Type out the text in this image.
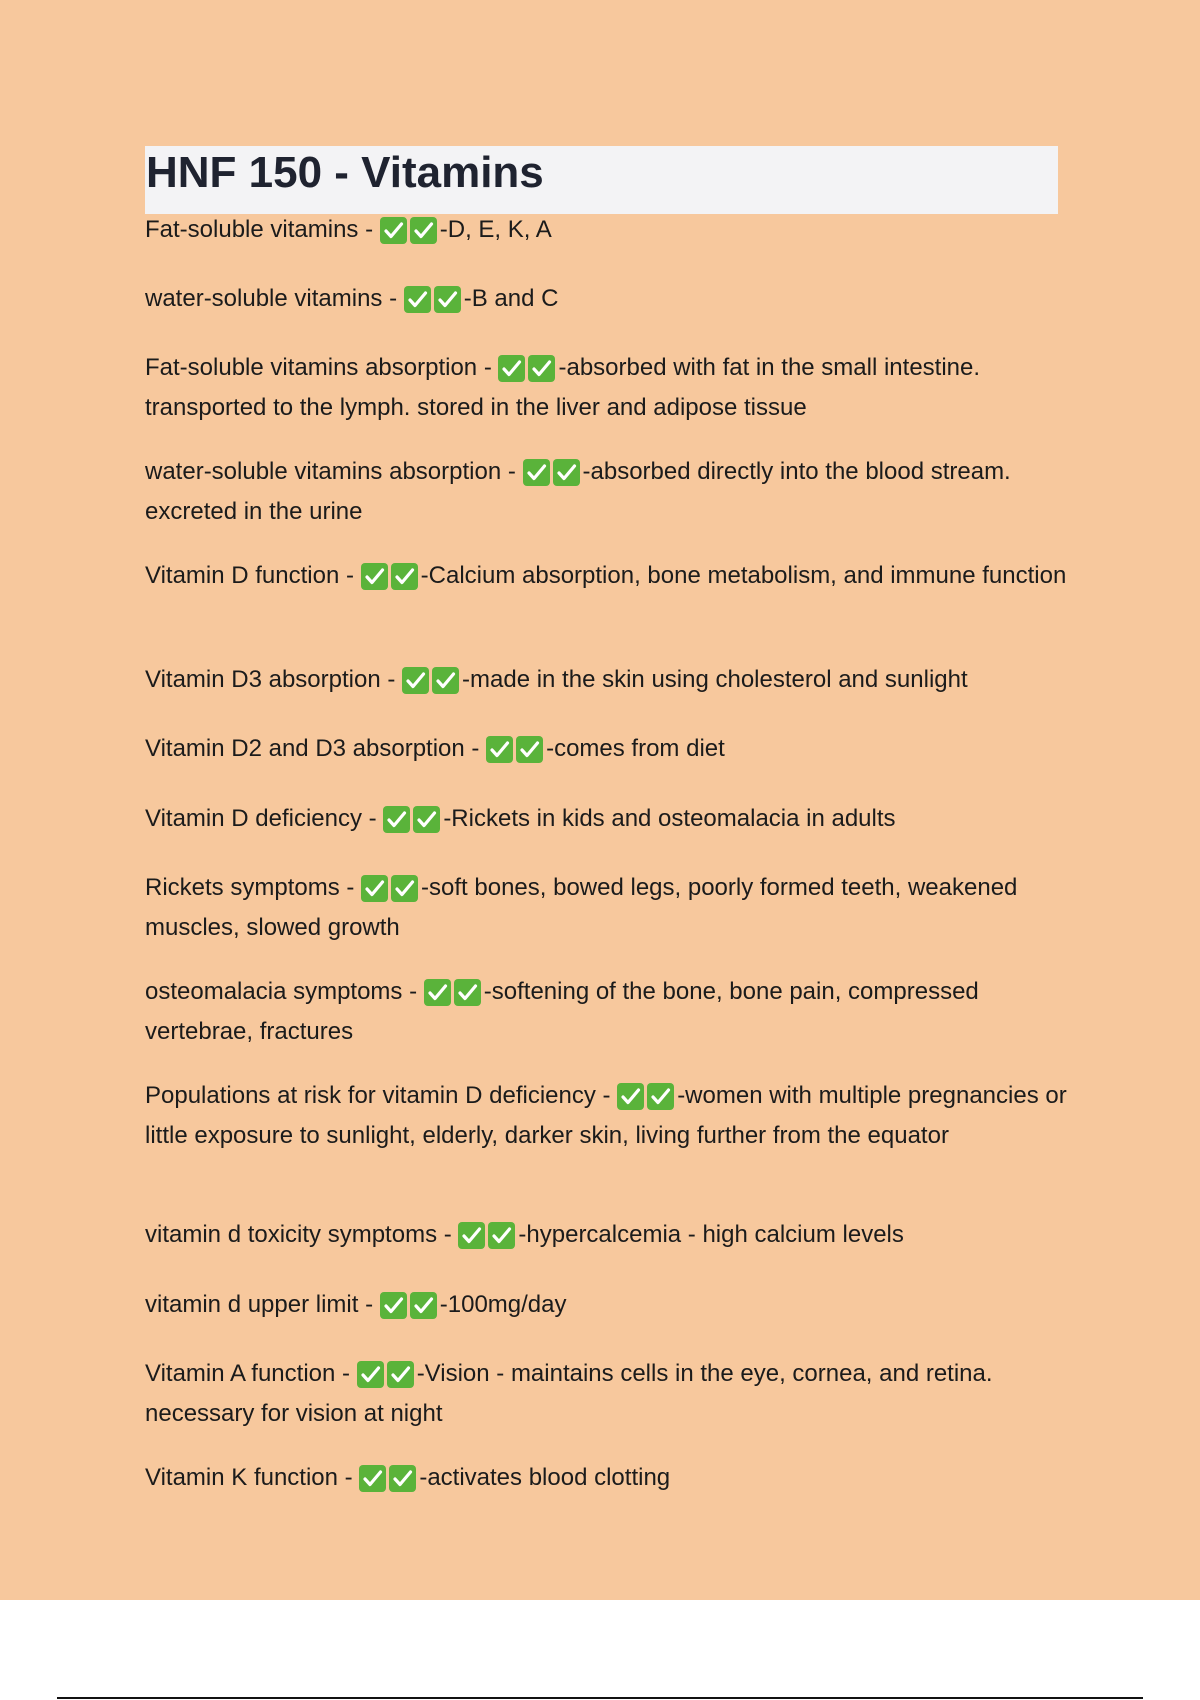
HNF 150 - Vitamins

Fat-soluble vitamins -	-D, E, K, A

water-soluble vitamins -	-B and C

Fat-soluble vitamins absorption -	-absorbed with fat in the small intestine. transported to the lymph. stored in the liver and adipose tissue

water-soluble vitamins absorption -	-absorbed directly into the blood stream. excreted in the urine

Vitamin D function -	-Calcium absorption, bone metabolism, and immune function

Vitamin D3 absorption -	-made in the skin using cholesterol and sunlight

Vitamin D2 and D3 absorption -	-comes from diet

Vitamin D deficiency -	-Rickets in kids and osteomalacia in adults

Rickets symptoms -	-soft bones, bowed legs, poorly formed teeth, weakened muscles, slowed growth

osteomalacia symptoms -	-softening of the bone, bone pain, compressed vertebrae, fractures

Populations at risk for vitamin D deficiency -	-women with multiple pregnancies or little exposure to sunlight, elderly, darker skin, living further from the equator

vitamin d toxicity symptoms -	-hypercalcemia - high calcium levels

vitamin d upper limit -	-100mg/day

Vitamin A function -	-Vision - maintains cells in the eye, cornea, and retina. necessary for vision at night

Vitamin K function -	-activates blood clotting
